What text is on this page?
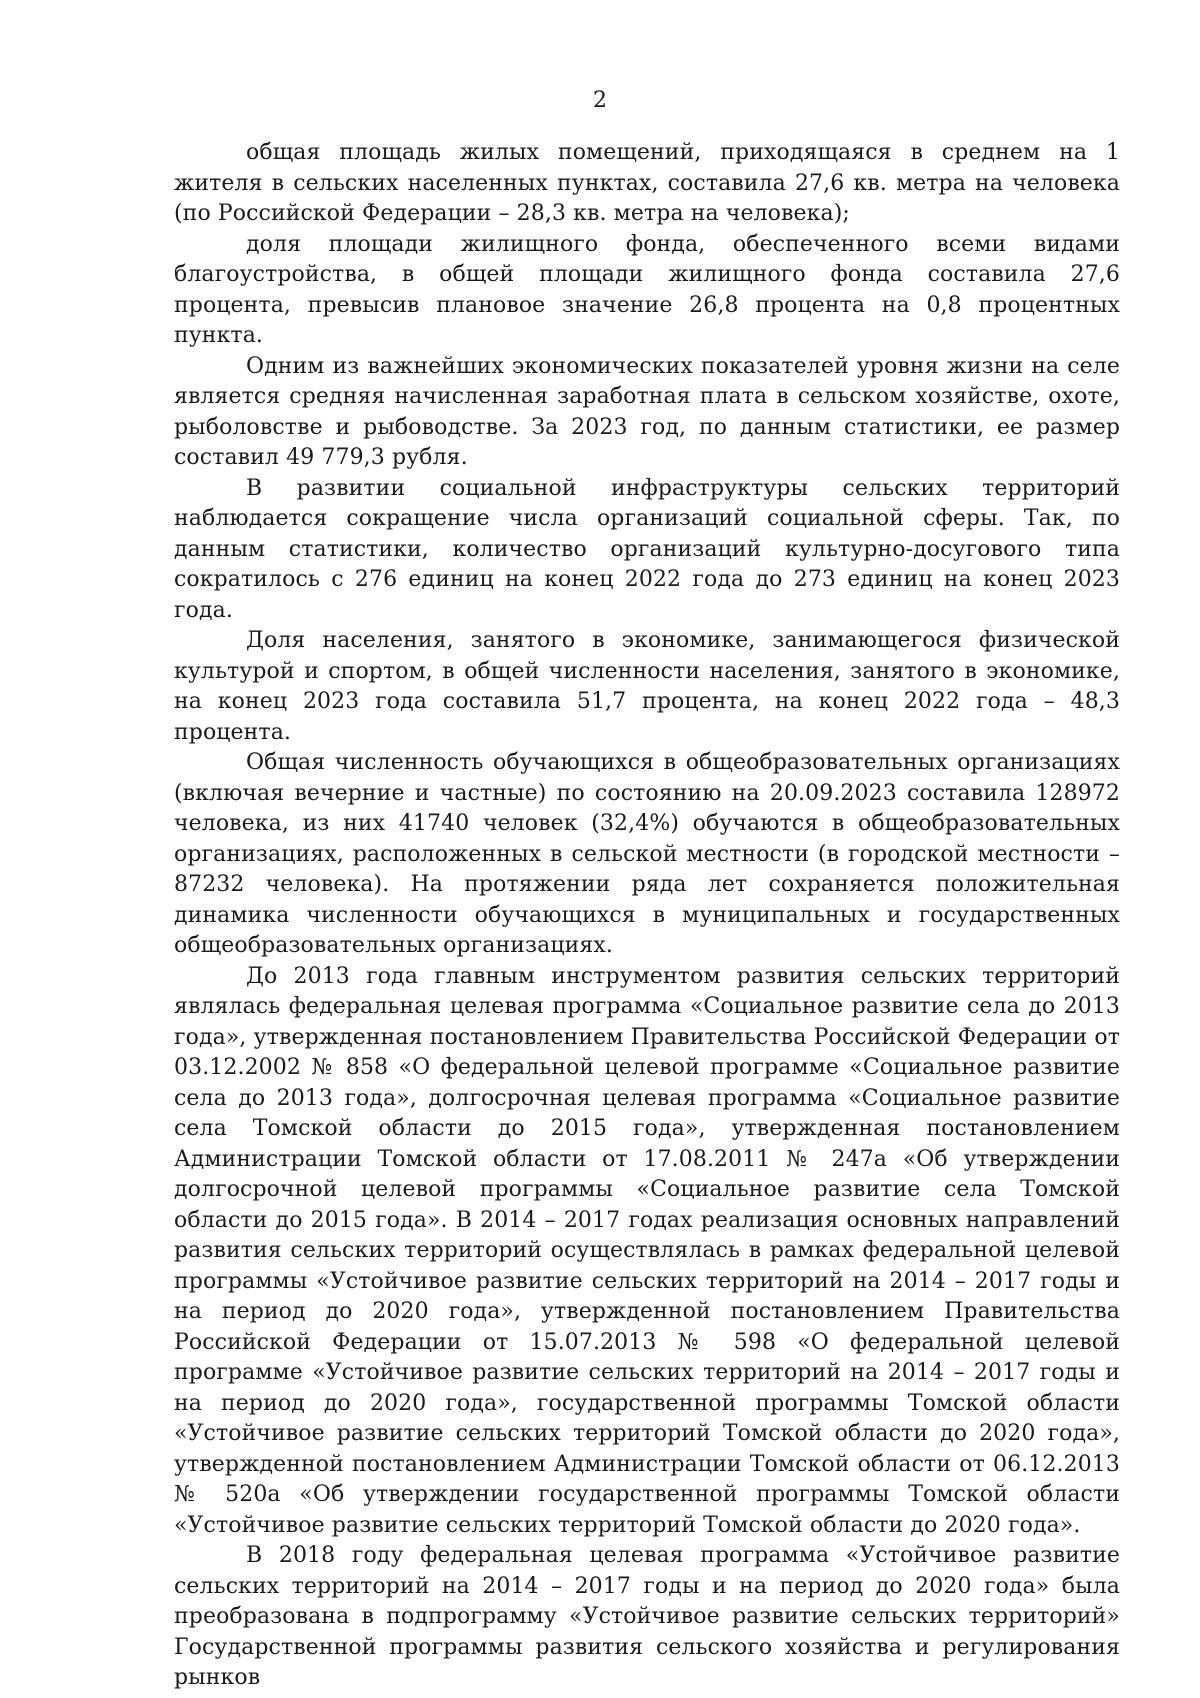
2

общая площадь жилых помещений, приходящаяся в среднем на 1 жителя в сельских населенных пунктах, составила 27,6 кв. метра на человека (по Российской Федерации – 28,3 кв. метра на человека);

доля площади жилищного фонда, обеспеченного всеми видами благоустройства, в общей площади жилищного фонда составила 27,6 процента, превысив плановое значение 26,8 процента на 0,8 процентных пункта.

Одним из важнейших экономических показателей уровня жизни на селе является средняя начисленная заработная плата в сельском хозяйстве, охоте, рыболовстве и рыбоводстве. За 2023 год, по данным статистики, ее размер составил 49 779,3 рубля.

В развитии социальной инфраструктуры сельских территорий наблюдается сокращение числа организаций социальной сферы. Так, по данным статистики, количество организаций культурно-досугового типа сократилось с 276 единиц на конец 2022 года до 273 единиц на конец 2023 года.

Доля населения, занятого в экономике, занимающегося физической культурой и спортом, в общей численности населения, занятого в экономике, на конец 2023 года составила 51,7 процента, на конец 2022 года – 48,3 процента.

Общая численность обучающихся в общеобразовательных организациях (включая вечерние и частные) по состоянию на 20.09.2023 составила 128972 человека, из них 41740 человек (32,4%) обучаются в общеобразовательных организациях, расположенных в сельской местности (в городской местности – 87232 человека). На протяжении ряда лет сохраняется положительная динамика численности обучающихся в муниципальных и государственных общеобразовательных организациях.

До 2013 года главным инструментом развития сельских территорий являлась федеральная целевая программа «Социальное развитие села до 2013 года», утвержденная постановлением Правительства Российской Федерации от 03.12.2002 № 858 «О федеральной целевой программе «Социальное развитие села до 2013 года», долгосрочная целевая программа «Социальное развитие села Томской области до 2015 года», утвержденная постановлением Администрации Томской области от 17.08.2011 № 247а «Об утверждении долгосрочной целевой программы «Социальное развитие села Томской области до 2015 года». В 2014 – 2017 годах реализация основных направлений развития сельских территорий осуществлялась в рамках федеральной целевой программы «Устойчивое развитие сельских территорий на 2014 – 2017 годы и на период до 2020 года», утвержденной постановлением Правительства Российской Федерации от 15.07.2013 № 598 «О федеральной целевой программе «Устойчивое развитие сельских территорий на 2014 – 2017 годы и на период до 2020 года», государственной программы Томской области «Устойчивое развитие сельских территорий Томской области до 2020 года», утвержденной постановлением Администрации Томской области от 06.12.2013 № 520а «Об утверждении государственной программы Томской области «Устойчивое развитие сельских территорий Томской области до 2020 года».

В 2018 году федеральная целевая программа «Устойчивое развитие сельских территорий на 2014 – 2017 годы и на период до 2020 года» была преобразована в подпрограмму «Устойчивое развитие сельских территорий» Государственной программы развития сельского хозяйства и регулирования рынков
